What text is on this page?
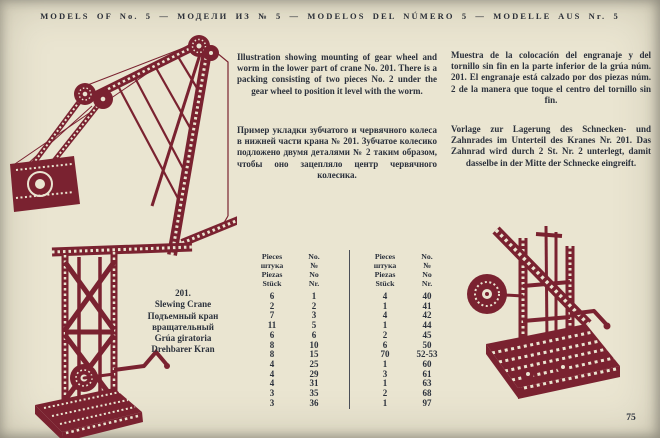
MODELS OF No. 5 — МОДЕЛИ ИЗ № 5 — MODELOS DEL NÚMERO 5 — MODELLE AUS Nr. 5
Illustration showing mounting of gear wheel and worm in the lower part of crane No. 201. There is a packing consisting of two pieces No. 2 under the gear wheel to position it level with the worm.
Пример укладки зубчатого и червячного колеса в нижней части крана № 201. Зубчатое колесико подложено двумя деталями № 2 таким образом, чтобы оно зацепляло центр червячного колесика.
Muestra de la colocación del engranaje y del tornillo sin fin en la parte inferior de la grúa núm. 201. El engranaje está calzado por dos piezas núm. 2 de la manera que toque el centro del tornillo sin fin.
Vorlage zur Lagerung des Schnecken- und Zahnrades im Unterteil des Kranes Nr. 201. Das Zahnrad wird durch 2 St. Nr. 2 unterlegt, damit dasselbe in der Mitte der Schnecke eingreift.
201.
Slewing Crane
Подъемный кран
вращательный
Grúa giratoria
Drehbarer Kran
Pieces
штука
Piezas
Stück
No.
№
No
Nr.
6	1
2	2
7	3
11	5
6	6
8	10
8	15
4	25
4	29
4	31
3	35
3	36
Pieces
штука
Piezas
Stück
No.
№
No
Nr.
4	40
1	41
4	42
1	44
2	45
6	50
70	52-53
1	60
3	61
1	63
2	68
1	97
75
